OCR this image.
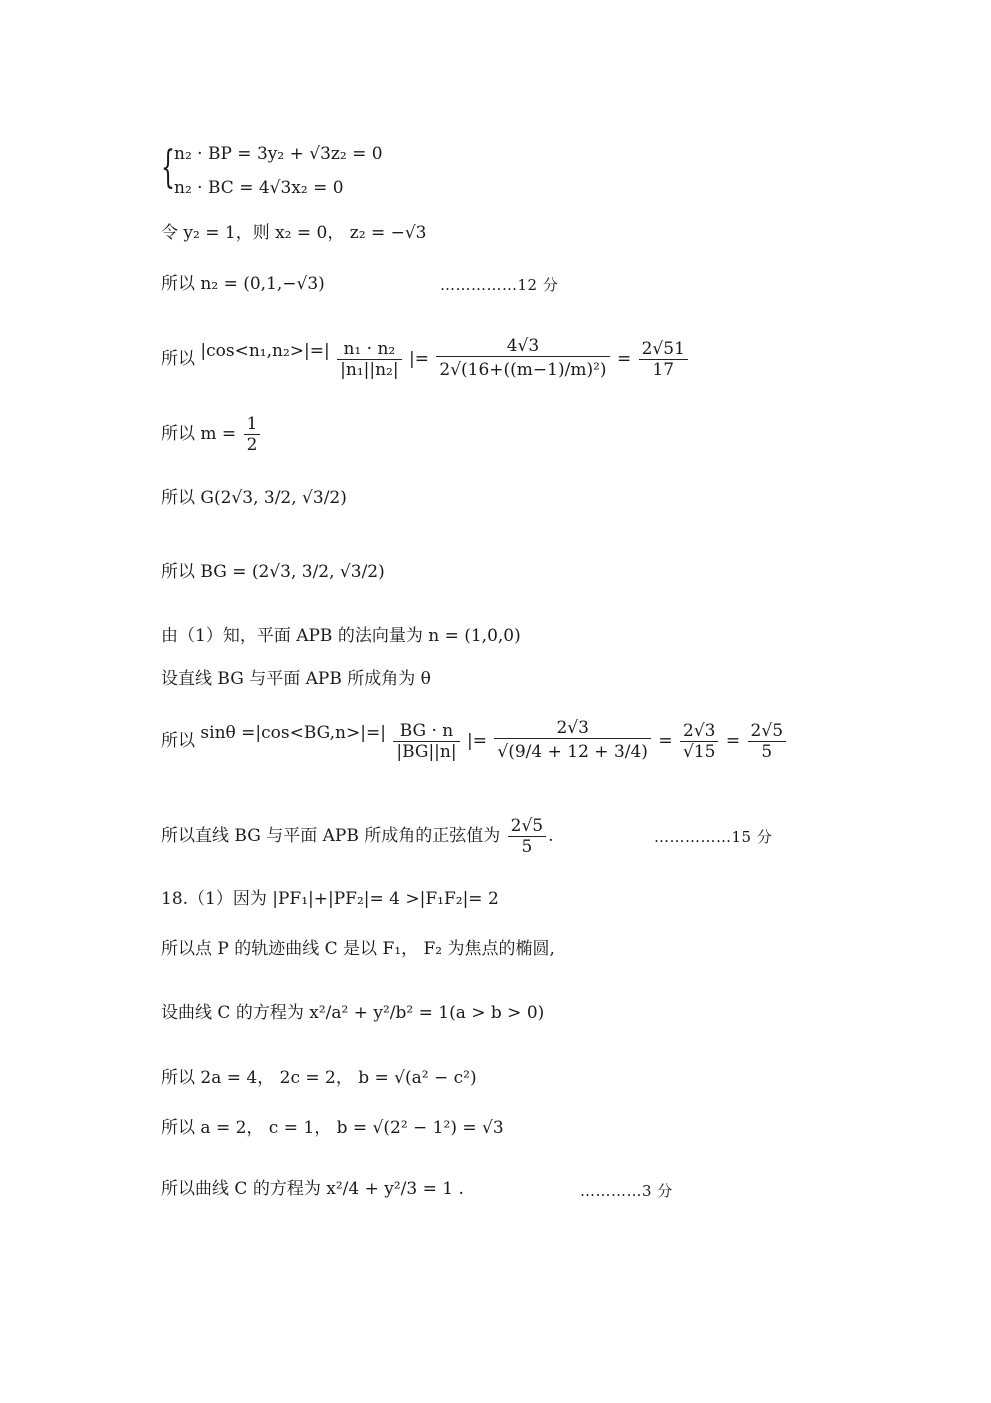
{ n₂ · BP = 3y₂ + √3z₂ = 0
n₂ · BC = 4√3x₂ = 0
令 y₂ = 1，则 x₂ = 0， z₂ = −√3
所以 n₂ = (0,1,−√3)	……………12 分
所以 $|\cos<n_1,n_2>|=| \frac{\text{n₁ · n₂}}{\text{|n₁||n₂|}}$ |= $\frac{4√3}{\text{2√(16+((m−1)/m)²)}} = \frac{2√51}{17}$
所以 $m = \frac{1}{2}$
所以 G(2√3, 3/2, √3/2)
所以 BG = (2√3, 3/2, √3/2)
由（1）知，平面 APB 的法向量为 n = (1,0,0)
设直线 BG 与平面 APB 所成角为 θ
所以 $\sin\theta =|\cos<BG,n>|=| \frac{BG \cdot n}{|BG||n|}$ |= $\frac{2√3}{√(9/4 + 12 + 3/4)} = \frac{2√3}{√15} = \frac{2√5}{5}$
所以直线 BG 与平面 APB 所成角的正弦值为 $\frac{2√5}{5}$ .	……………15 分
18.（1）因为 |PF₁|+|PF₂|= 4 >|F₁F₂|= 2
所以点 P 的轨迹曲线 C 是以 F₁， F₂ 为焦点的椭圆,
设曲线 C 的方程为 x²/a² + y²/b² = 1(a > b > 0)
所以 2a = 4， 2c = 2， b = √(a² − c²)
所以 a = 2， c = 1， b = √(2² − 1²) = √3
所以曲线 C 的方程为 x²/4 + y²/3 = 1 .	…………3 分
